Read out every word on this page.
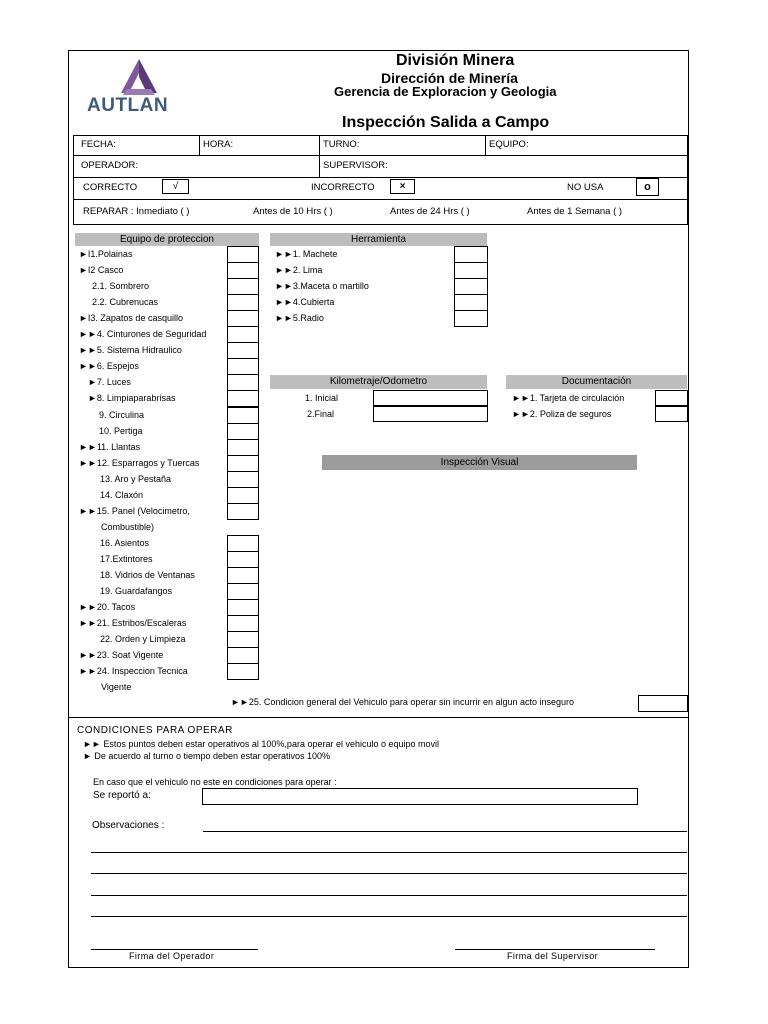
AUTLAN
División Minera
Dirección de Minería
Gerencia de Exploracion y Geologia
Inspección Salida a Campo
FECHA:	HORA:	TURNO:	EQUIPO:
OPERADOR:	SUPERVISOR:
CORRECTO	√	INCORRECTO	×	NO USA	o
REPARAR : Inmediato ( )	Antes de 10 Hrs ( )	Antes de 24 Hrs ( )	Antes de 1 Semana ( )
Equipo de proteccion	Herramienta
Kilometraje/Odometro	Documentación
Inspección Visual
1. Inicial
2.Final
►►1. Tarjeta de circulación
►►2. Poliza de seguros
►►25. Condicion general del Vehiculo para operar sin incurrir en algun acto inseguro
CONDICIONES PARA OPERAR
►► Estos puntos deben estar operativos al 100%,para operar el vehiculo o equipo movil
► De acuerdo al turno o tiempo deben estar operativos 100%
En caso que el vehiculo no este en condiciones para operar :
Se reportó a:
Observaciones :
Firma del Operador	Firma del Supervisor
►I1.Polainas
►I2 Casco
2.1. Sombrero
2.2. Cubrenucas
►I3. Zapatos de casquillo
►►4. Cinturones de Seguridad
►►5. Sistema Hidraulico
►►6. Espejos
►7. Luces
►8. Limpiaparabrisas
9. Circulina
10. Pertiga
►►11. Llantas
►►12. Esparragos y Tuercas
13. Aro y Pestaña
14. Claxón
►►15. Panel (Velocimetro,
Combustible)
16. Asientos
17.Extintores
18. Vidrios de Ventanas
19. Guardafangos
►►20. Tacos
►►21. Estribos/Escaleras
22. Orden y Limpieza
►►23. Soat Vigente
►►24. Inspeccion Tecnica
Vigente
►►1. Machete
►►2. Lima
►►3.Maceta o martillo
►►4.Cubierta
►►5.Radio
